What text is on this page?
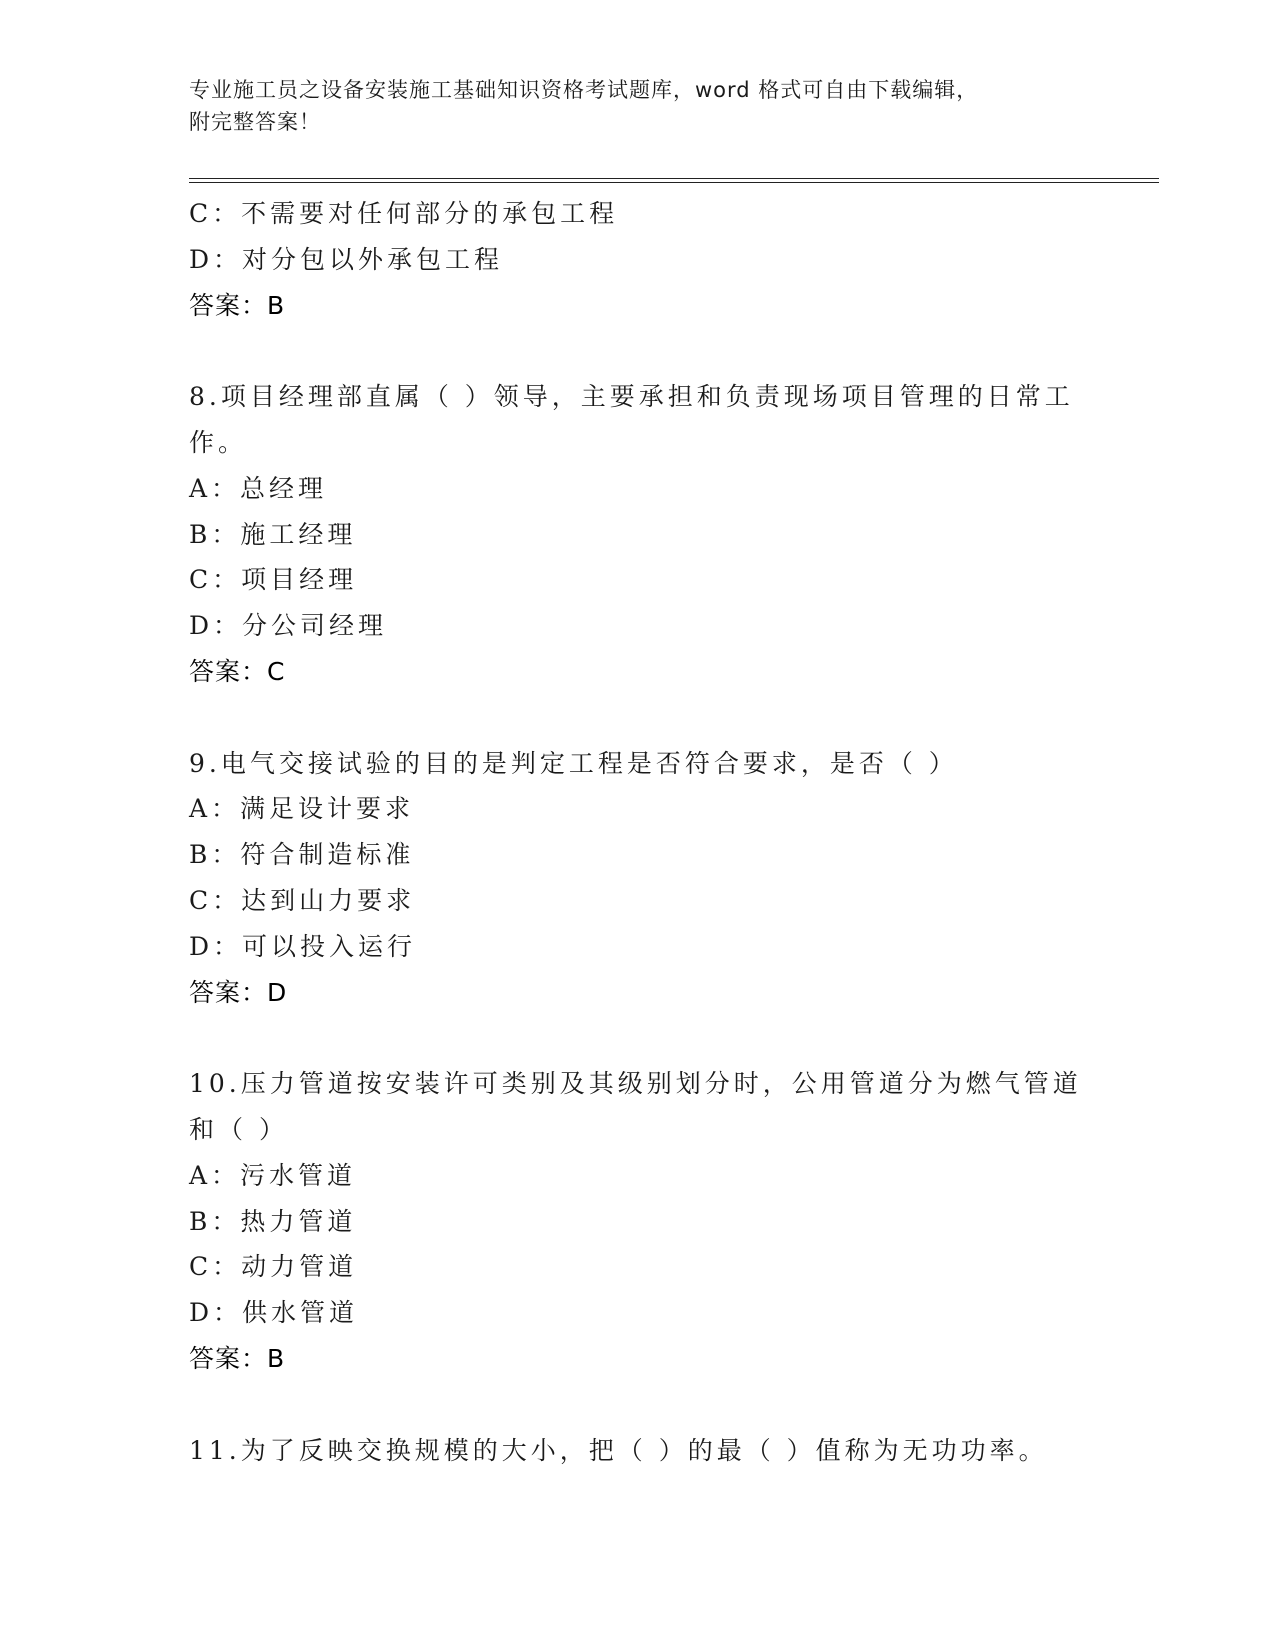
专业施工员之设备安装施工基础知识资格考试题库，word 格式可自由下载编辑，
附完整答案！
C：不需要对任何部分的承包工程
D：对分包以外承包工程
答案：B
8.项目经理部直属（ ）领导，主要承担和负责现场项目管理的日常工
作。
A：总经理
B：施工经理
C：项目经理
D：分公司经理
答案：C
9.电气交接试验的目的是判定工程是否符合要求，是否（ ）
A：满足设计要求
B：符合制造标准
C：达到山力要求
D：可以投入运行
答案：D
10.压力管道按安装许可类别及其级别划分时，公用管道分为燃气管道
和（ ）
A：污水管道
B：热力管道
C：动力管道
D：供水管道
答案：B
11.为了反映交换规模的大小，把（ ）的最（ ）值称为无功功率。
